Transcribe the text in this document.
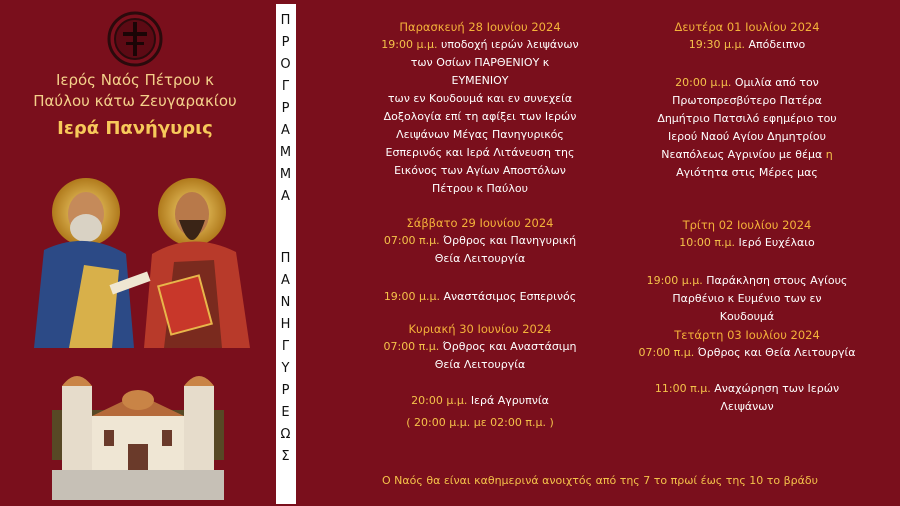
Ιερός Ναός Πέτρου κ
Παύλου κάτω Ζευγαρακίου
Ιερά Πανήγυρις
Π
Ρ
Ο
Γ
Ρ
Α
Μ
Μ
Α
Π
Α
Ν
Η
Γ
Υ
Ρ
Ε
Ω
Σ
Παρασκευή 28 Ιουνίου 2024
19:00 μ.μ. υποδοχή ιερών λειψάνων
των Οσίων ΠΑΡΘΕΝΙΟΥ κ
ΕΥΜΕΝΙΟΥ
των εν Κουδουμά και εν συνεχεία
Δοξολογία επί τη αφίξει των Ιερών
Λειψάνων Μέγας Πανηγυρικός
Εσπερινός και Ιερά Λιτάνευση της
Εικόνος των Αγίων Αποστόλων
Πέτρου κ Παύλου
Σάββατο 29 Ιουνίου 2024
07:00 π.μ. Όρθρος και Πανηγυρική
Θεία Λειτουργία
19:00 μ.μ. Αναστάσιμος Εσπερινός
Κυριακή 30 Ιουνίου 2024
07:00 π.μ. Όρθρος και Αναστάσιμη
Θεία Λειτουργία
20:00 μ.μ. Ιερά Αγρυπνία
( 20:00 μ.μ. με 02:00 π.μ. )
Δευτέρα 01 Ιουλίου 2024
19:30 μ.μ. Απόδειπνο
20:00 μ.μ. Ομιλία από τον
Πρωτοπρεσβύτερο Πατέρα
Δημήτριο Πατσιλό εφημέριο του
Ιερού Ναού Αγίου Δημητρίου
Νεαπόλεως Αγρινίου με θέμα η
Αγιότητα στις Μέρες μας
Τρίτη 02 Ιουλίου 2024
10:00 π.μ. Ιερό Ευχέλαιο
19:00 μ.μ. Παράκληση στους Αγίους
Παρθένιο κ Ευμένιο των εν
Κουδουμά
Τετάρτη 03 Ιουλίου 2024
07:00 π.μ. Όρθρος και Θεία Λειτουργία
11:00 π.μ. Αναχώρηση των Ιερών
Λειψάνων
Ο Ναός θα είναι καθημερινά ανοιχτός από της 7 το πρωί έως της 10 το βράδυ
